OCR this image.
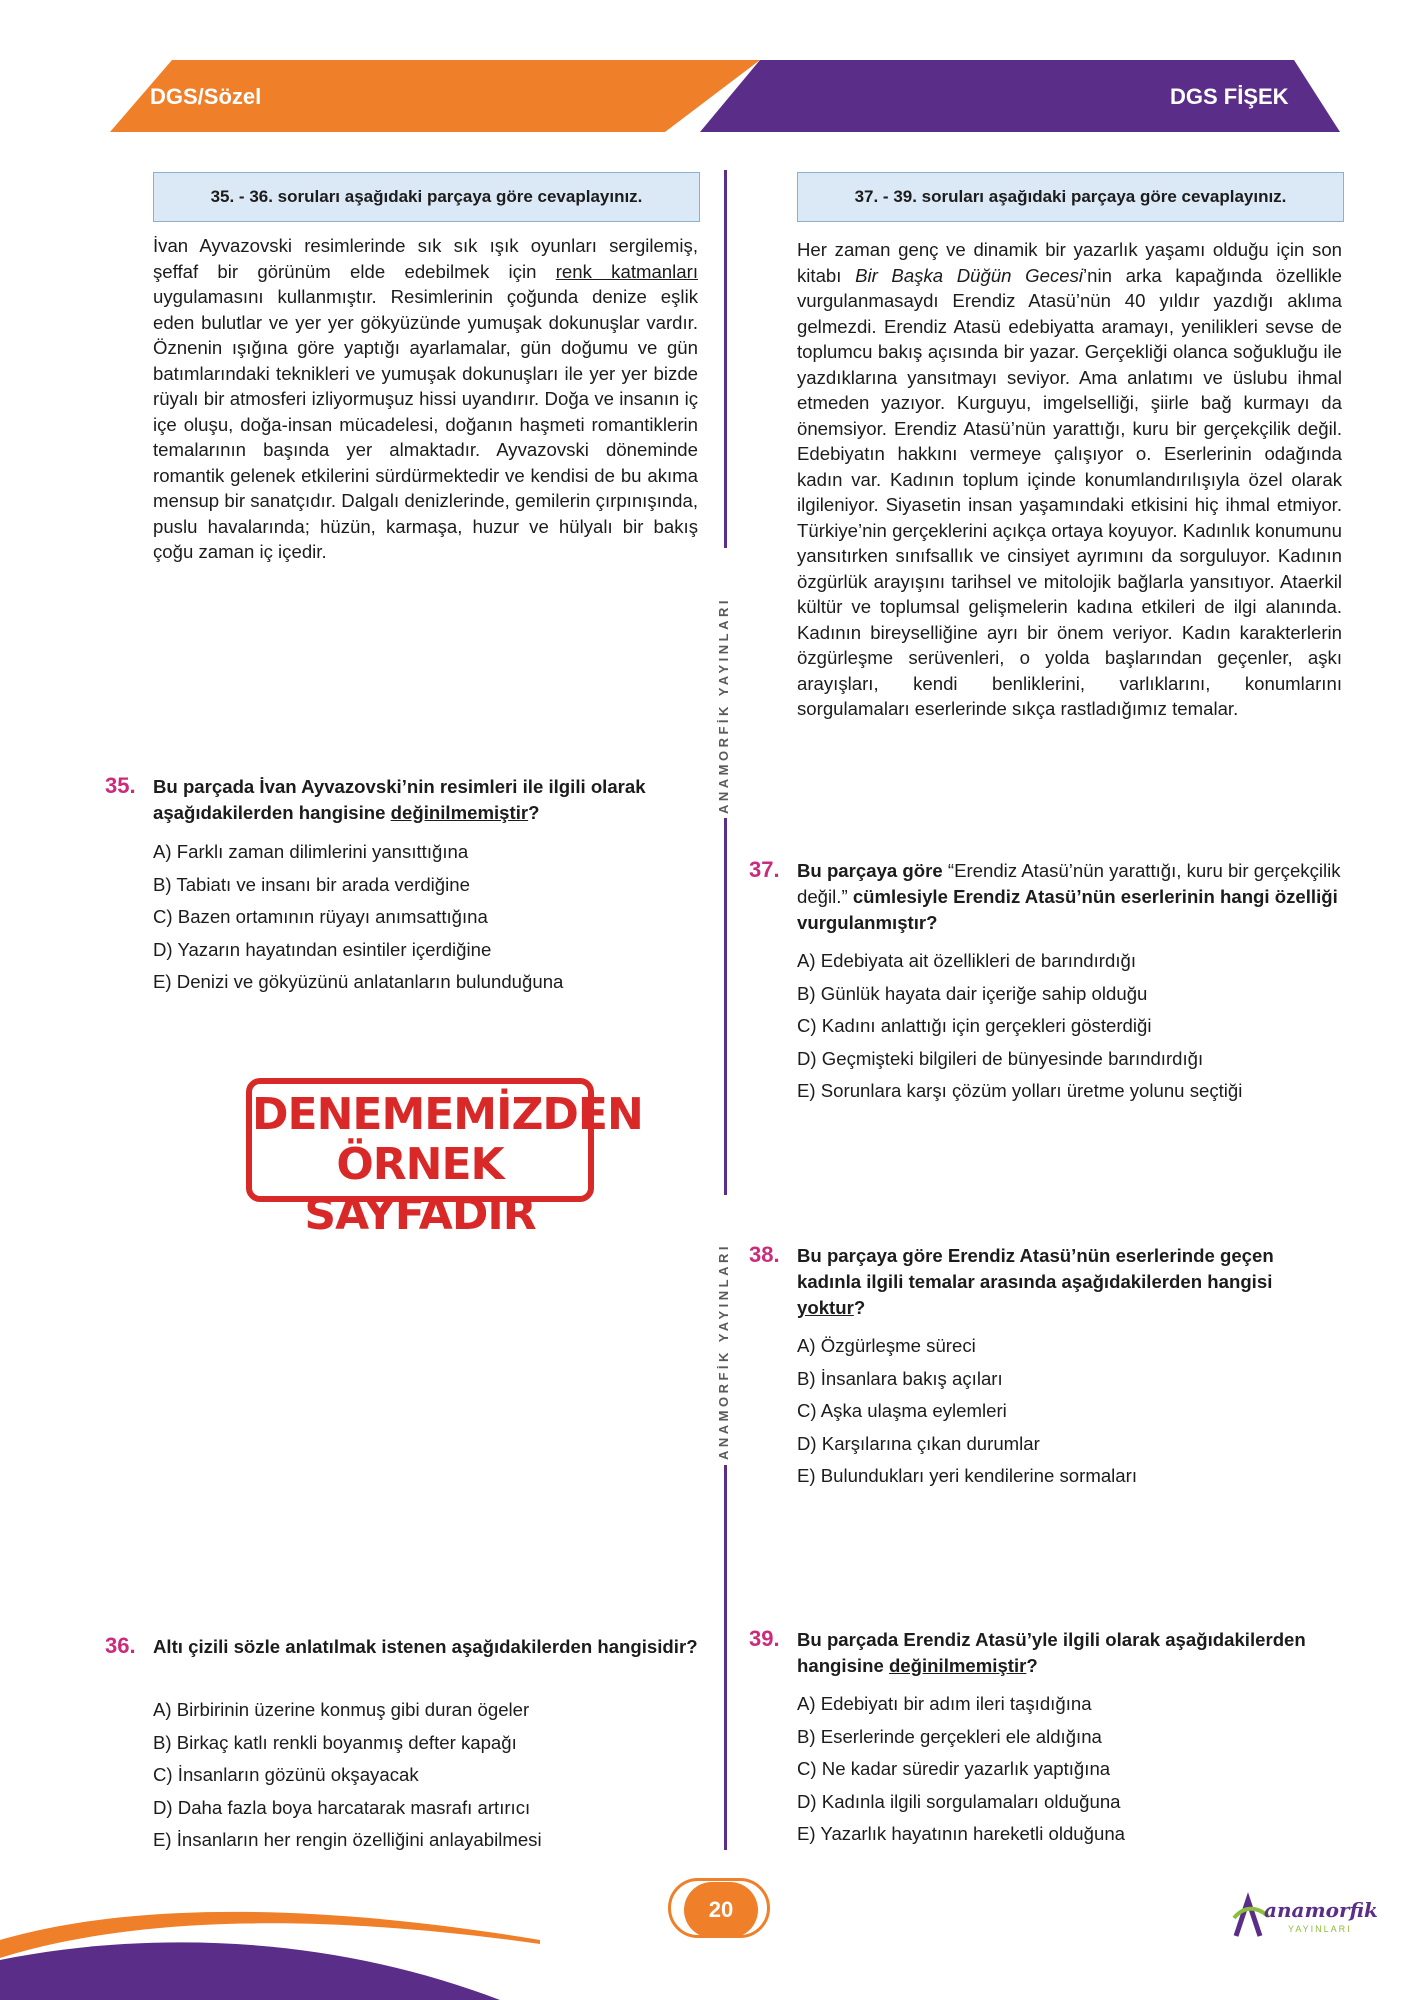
DGS/Sözel	DGS FİŞEK
35. - 36. soruları aşağıdaki parçaya göre cevaplayınız.
İvan Ayvazovski resimlerinde sık sık ışık oyunları sergilemiş, şeffaf bir görünüm elde edebilmek için renk katmanları uygulamasını kullanmıştır. Resimlerinin çoğunda denize eşlik eden bulutlar ve yer yer gökyüzünde yumuşak dokunuşlar vardır. Öznenin ışığına göre yaptığı ayarlamalar, gün doğumu ve gün batımlarındaki teknikleri ve yumuşak dokunuşları ile yer yer bizde rüyalı bir atmosferi izliyormuşuz hissi uyandırır. Doğa ve insanın iç içe oluşu, doğa-insan mücadelesi, doğanın haşmeti romantiklerin temalarının başında yer almaktadır. Ayvazovski döneminde romantik gelenek etkilerini sürdürmektedir ve kendisi de bu akıma mensup bir sanatçıdır. Dalgalı denizlerinde, gemilerin çırpınışında, puslu havalarında; hüzün, karmaşa, huzur ve hülyalı bir bakış çoğu zaman iç içedir.
35. Bu parçada İvan Ayvazovski’nin resimleri ile ilgili olarak aşağıdakilerden hangisine değinilmemiştir?
A) Farklı zaman dilimlerini yansıttığına
B) Tabiatı ve insanı bir arada verdiğine
C) Bazen ortamının rüyayı anımsattığına
D) Yazarın hayatından esintiler içerdiğine
E) Denizi ve gökyüzünü anlatanların bulunduğuna
DENEMEMİZDEN
ÖRNEK SAYFADIR
36. Altı çizili sözle anlatılmak istenen aşağıdakilerden hangisidir?
A) Birbirinin üzerine konmuş gibi duran ögeler
B) Birkaç katlı renkli boyanmış defter kapağı
C) İnsanların gözünü okşayacak
D) Daha fazla boya harcatarak masrafı artırıcı
E) İnsanların her rengin özelliğini anlayabilmesi
ANAMORFİK YAYINLARI
ANAMORFİK YAYINLARI
37. - 39. soruları aşağıdaki parçaya göre cevaplayınız.
Her zaman genç ve dinamik bir yazarlık yaşamı olduğu için son kitabı Bir Başka Düğün Gecesi’nin arka kapağında özellikle vurgulanmasaydı Erendiz Atasü’nün 40 yıldır yazdığı aklıma gelmezdi. Erendiz Atasü edebiyatta aramayı, yenilikleri sevse de toplumcu bakış açısında bir yazar. Gerçekliği olanca soğukluğu ile yazdıklarına yansıtmayı seviyor. Ama anlatımı ve üslubu ihmal etmeden yazıyor. Kurguyu, imgelselliği, şiirle bağ kurmayı da önemsiyor. Erendiz Atasü’nün yarattığı, kuru bir gerçekçilik değil. Edebiyatın hakkını vermeye çalışıyor o. Eserlerinin odağında kadın var. Kadının toplum içinde konumlandırılışıyla özel olarak ilgileniyor. Siyasetin insan yaşamındaki etkisini hiç ihmal etmiyor. Türkiye’nin gerçeklerini açıkça ortaya koyuyor. Kadınlık konumunu yansıtırken sınıfsallık ve cinsiyet ayrımını da sorguluyor. Kadının özgürlük arayışını tarihsel ve mitolojik bağlarla yansıtıyor. Ataerkil kültür ve toplumsal gelişmelerin kadına etkileri de ilgi alanında. Kadının bireyselliğine ayrı bir önem veriyor. Kadın karakterlerin özgürleşme serüvenleri, o yolda başlarından geçenler, aşkı arayışları, kendi benliklerini, varlıklarını, konumlarını sorgulamaları eserlerinde sıkça rastladığımız temalar.
37. Bu parçaya göre “Erendiz Atasü’nün yarattığı, kuru bir gerçekçilik değil.” cümlesiyle Erendiz Atasü’nün eserlerinin hangi özelliği vurgulanmıştır?
A) Edebiyata ait özellikleri de barındırdığı
B) Günlük hayata dair içeriğe sahip olduğu
C) Kadını anlattığı için gerçekleri gösterdiği
D) Geçmişteki bilgileri de bünyesinde barındırdığı
E) Sorunlara karşı çözüm yolları üretme yolunu seçtiği
38. Bu parçaya göre Erendiz Atasü’nün eserlerinde geçen kadınla ilgili temalar arasında aşağıdakilerden hangisi yoktur?
A) Özgürleşme süreci
B) İnsanlara bakış açıları
C) Aşka ulaşma eylemleri
D) Karşılarına çıkan durumlar
E) Bulundukları yeri kendilerine sormaları
39. Bu parçada Erendiz Atasü’yle ilgili olarak aşağıdakilerden hangisine değinilmemiştir?
A) Edebiyatı bir adım ileri taşıdığına
B) Eserlerinde gerçekleri ele aldığına
C) Ne kadar süredir yazarlık yaptığına
D) Kadınla ilgili sorgulamaları olduğuna
E) Yazarlık hayatının hareketli olduğuna
20	anamorfik
YAYINLARI
